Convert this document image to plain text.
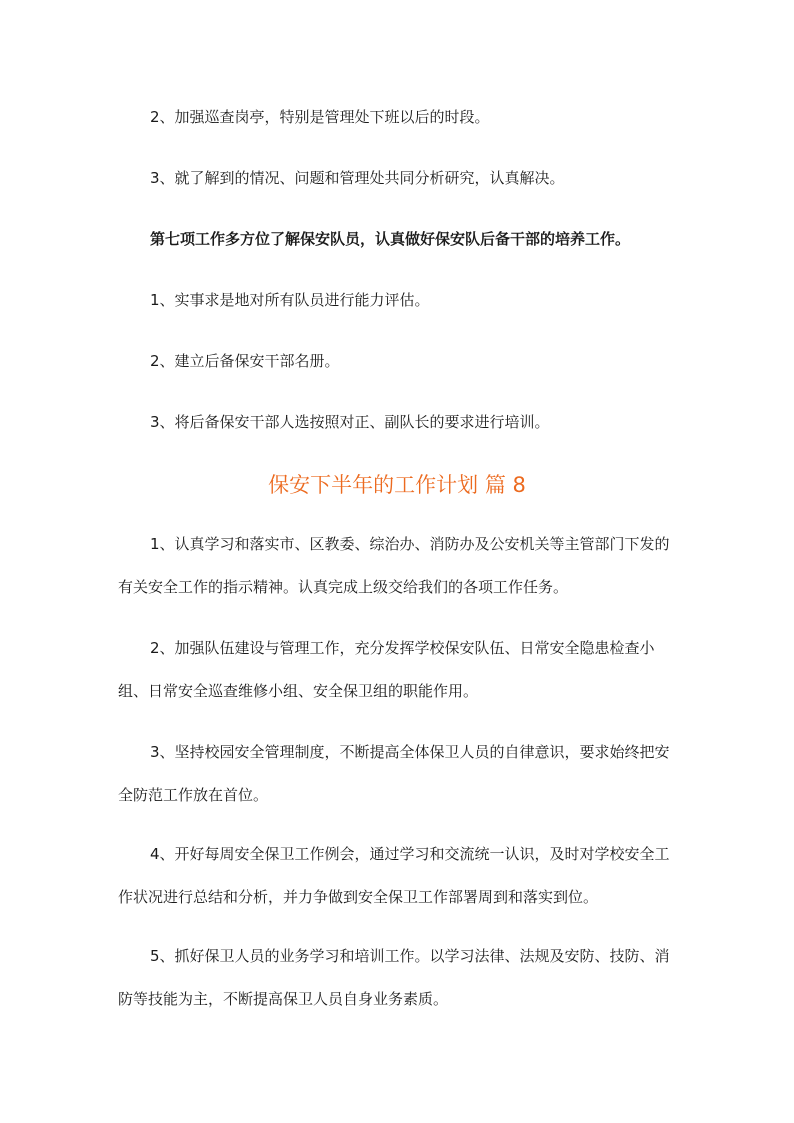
2、加强巡查岗亭，特别是管理处下班以后的时段。

3、就了解到的情况、问题和管理处共同分析研究，认真解决。

第七项工作多方位了解保安队员，认真做好保安队后备干部的培养工作。

1、实事求是地对所有队员进行能力评估。

2、建立后备保安干部名册。

3、将后备保安干部人选按照对正、副队长的要求进行培训。

保安下半年的工作计划 篇 8

1、认真学习和落实市、区教委、综治办、消防办及公安机关等主管部门下发的有关安全工作的指示精神。认真完成上级交给我们的各项工作任务。

2、加强队伍建设与管理工作，充分发挥学校保安队伍、日常安全隐患检查小组、日常安全巡查维修小组、安全保卫组的职能作用。

3、坚持校园安全管理制度，不断提高全体保卫人员的自律意识，要求始终把安全防范工作放在首位。

4、开好每周安全保卫工作例会，通过学习和交流统一认识，及时对学校安全工作状况进行总结和分析，并力争做到安全保卫工作部署周到和落实到位。

5、抓好保卫人员的业务学习和培训工作。以学习法律、法规及安防、技防、消防等技能为主，不断提高保卫人员自身业务素质。
